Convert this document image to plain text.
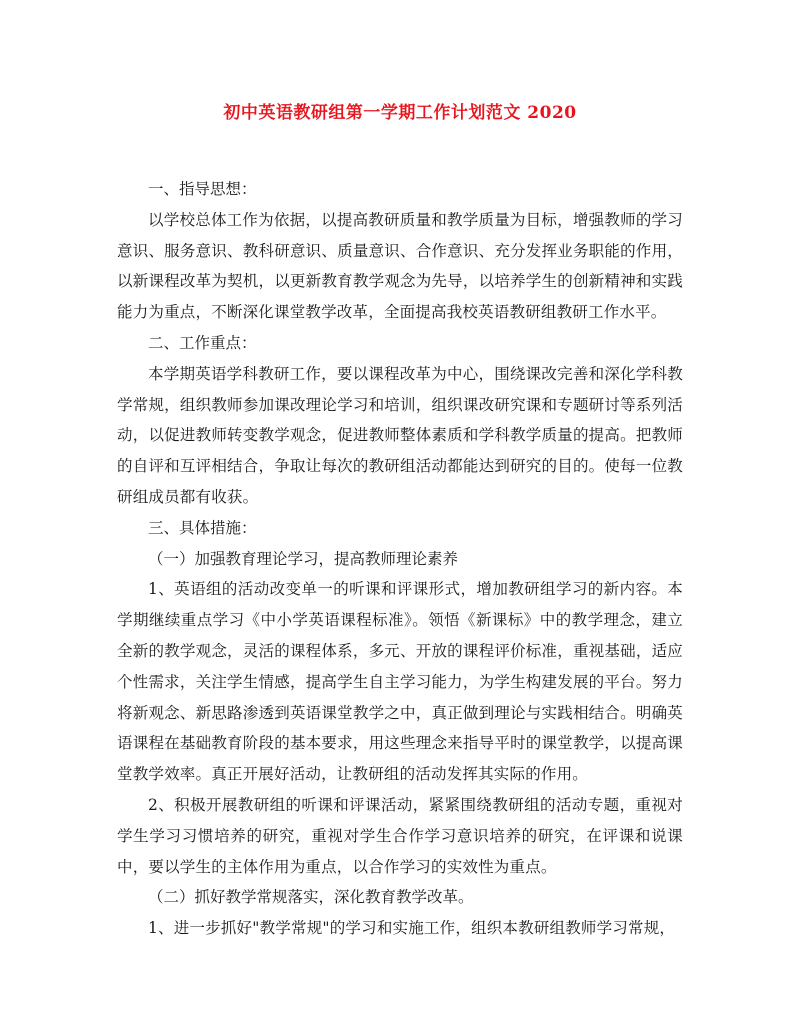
初中英语教研组第一学期工作计划范文 2020

一、指导思想：

以学校总体工作为依据，以提高教研质量和教学质量为目标，增强教师的学习意识、服务意识、教科研意识、质量意识、合作意识、充分发挥业务职能的作用，以新课程改革为契机，以更新教育教学观念为先导，以培养学生的创新精神和实践能力为重点，不断深化课堂教学改革，全面提高我校英语教研组教研工作水平。

二、工作重点：

本学期英语学科教研工作，要以课程改革为中心，围绕课改完善和深化学科教学常规，组织教师参加课改理论学习和培训，组织课改研究课和专题研讨等系列活动，以促进教师转变教学观念，促进教师整体素质和学科教学质量的提高。把教师的自评和互评相结合，争取让每次的教研组活动都能达到研究的目的。使每一位教研组成员都有收获。

三、具体措施：

（一）加强教育理论学习，提高教师理论素养

1、英语组的活动改变单一的听课和评课形式，增加教研组学习的新内容。本学期继续重点学习《中小学英语课程标准》。领悟《新课标》中的教学理念，建立全新的教学观念，灵活的课程体系，多元、开放的课程评价标准，重视基础，适应个性需求，关注学生情感，提高学生自主学习能力，为学生构建发展的平台。努力将新观念、新思路渗透到英语课堂教学之中，真正做到理论与实践相结合。明确英语课程在基础教育阶段的基本要求，用这些理念来指导平时的课堂教学，以提高课堂教学效率。真正开展好活动，让教研组的活动发挥其实际的作用。

2、积极开展教研组的听课和评课活动，紧紧围绕教研组的活动专题，重视对学生学习习惯培养的研究，重视对学生合作学习意识培养的研究，在评课和说课中，要以学生的主体作用为重点，以合作学习的实效性为重点。

（二）抓好教学常规落实，深化教育教学改革。

1、进一步抓好"教学常规"的学习和实施工作，组织本教研组教师学习常规，
